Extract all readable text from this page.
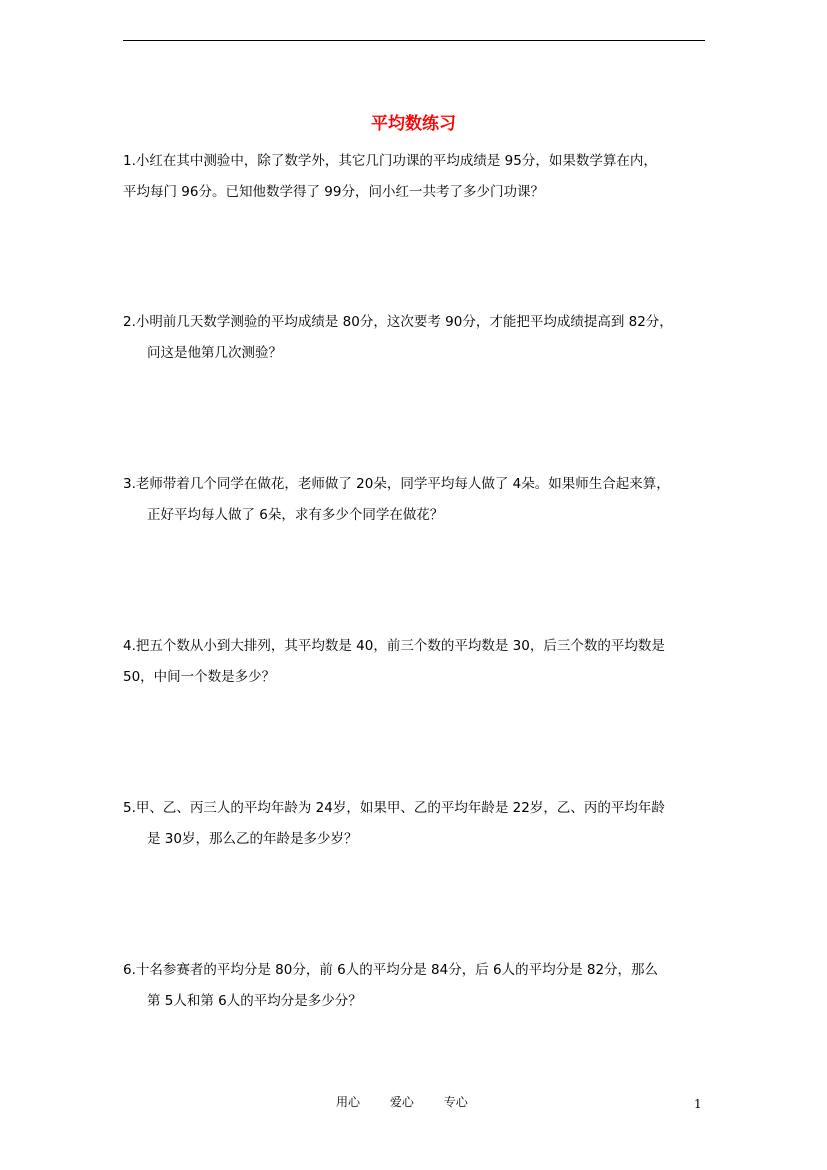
平均数练习
1.小红在其中测验中，除了数学外，其它几门功课的平均成绩是 95分，如果数学算在内，
平均每门 96分。已知他数学得了 99分，问小红一共考了多少门功课？
2.小明前几天数学测验的平均成绩是 80分，这次要考 90分，才能把平均成绩提高到 82分，
问这是他第几次测验？
3.老师带着几个同学在做花，老师做了 20朵，同学平均每人做了 4朵。如果师生合起来算，
正好平均每人做了 6朵，求有多少个同学在做花？
4.把五个数从小到大排列，其平均数是 40，前三个数的平均数是 30，后三个数的平均数是
50，中间一个数是多少？
5.甲、乙、丙三人的平均年龄为 24岁，如果甲、乙的平均年龄是 22岁，乙、丙的平均年龄
是 30岁，那么乙的年龄是多少岁？
6.十名参赛者的平均分是 80分，前 6人的平均分是 84分，后 6人的平均分是 82分，那么
第 5人和第 6人的平均分是多少分？
用心 爱心 专心	1
